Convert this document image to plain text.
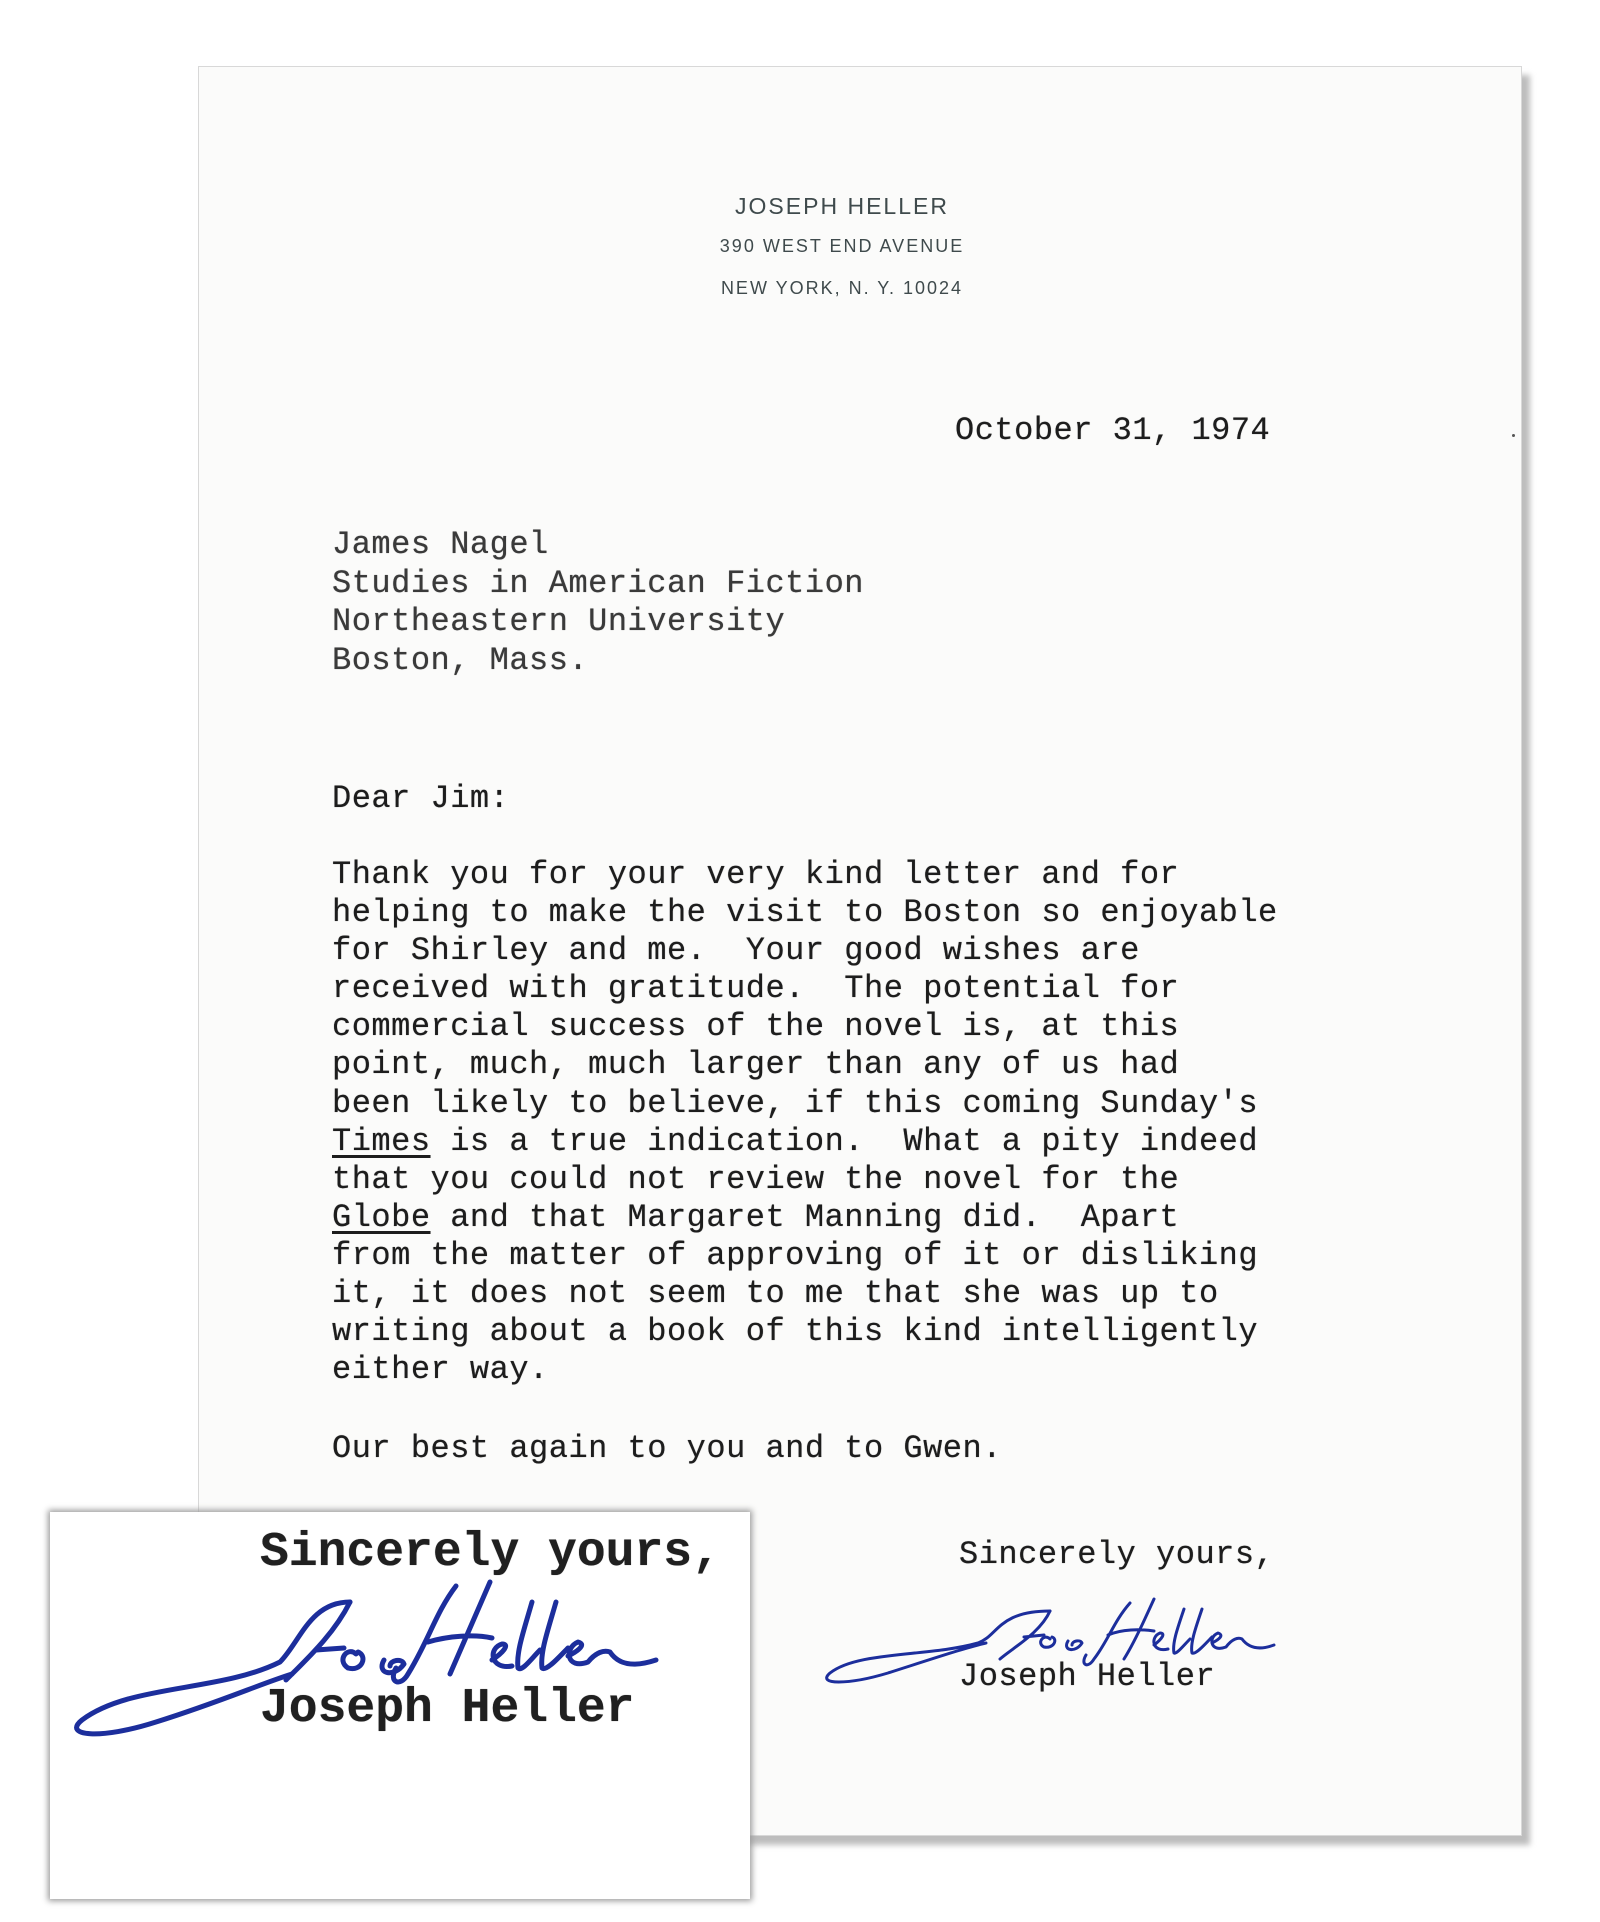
JOSEPH HELLER
390 WEST END AVENUE
NEW YORK, N. Y. 10024
October 31, 1974
James Nagel
Studies in American Fiction
Northeastern University
Boston, Mass.
Dear Jim:
Thank you for your very kind letter and for
helping to make the visit to Boston so enjoyable
for Shirley and me.  Your good wishes are
received with gratitude.  The potential for
commercial success of the novel is, at this
point, much, much larger than any of us had
been likely to believe, if this coming Sunday's
Times is a true indication.  What a pity indeed
that you could not review the novel for the
Globe and that Margaret Manning did.  Apart
from the matter of approving of it or disliking
it, it does not seem to me that she was up to
writing about a book of this kind intelligently
either way.
Our best again to you and to Gwen.
Sincerely yours,
Joseph Heller
Sincerely yours,
Joseph Heller
